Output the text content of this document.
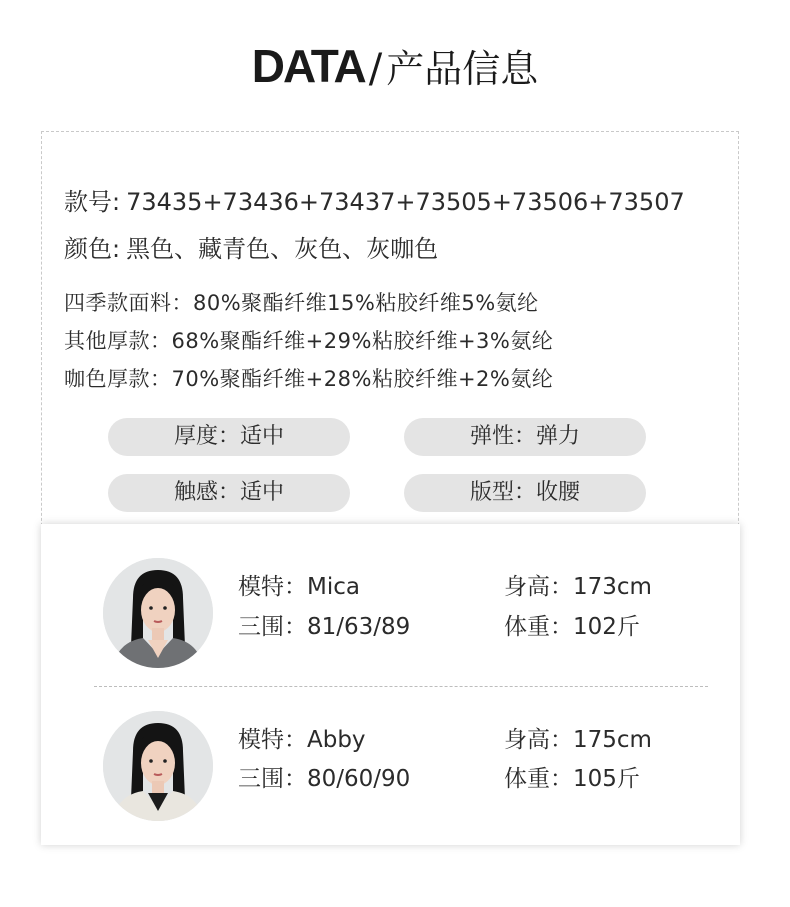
DATA / 产品信息
款号: 73435+73436+73437+73505+73506+73507
颜色: 黑色、藏青色、灰色、灰咖色
四季款面料：80%聚酯纤维15%粘胶纤维5%氨纶
其他厚款：68%聚酯纤维+29%粘胶纤维+3%氨纶
咖色厚款：70%聚酯纤维+28%粘胶纤维+2%氨纶
厚度：适中	弹性：弹力
触感：适中	版型：收腰
模特：Mica
三围：81/63/89
身高：173cm
体重：102斤
模特：Abby
三围：80/60/90
身高：175cm
体重：105斤
